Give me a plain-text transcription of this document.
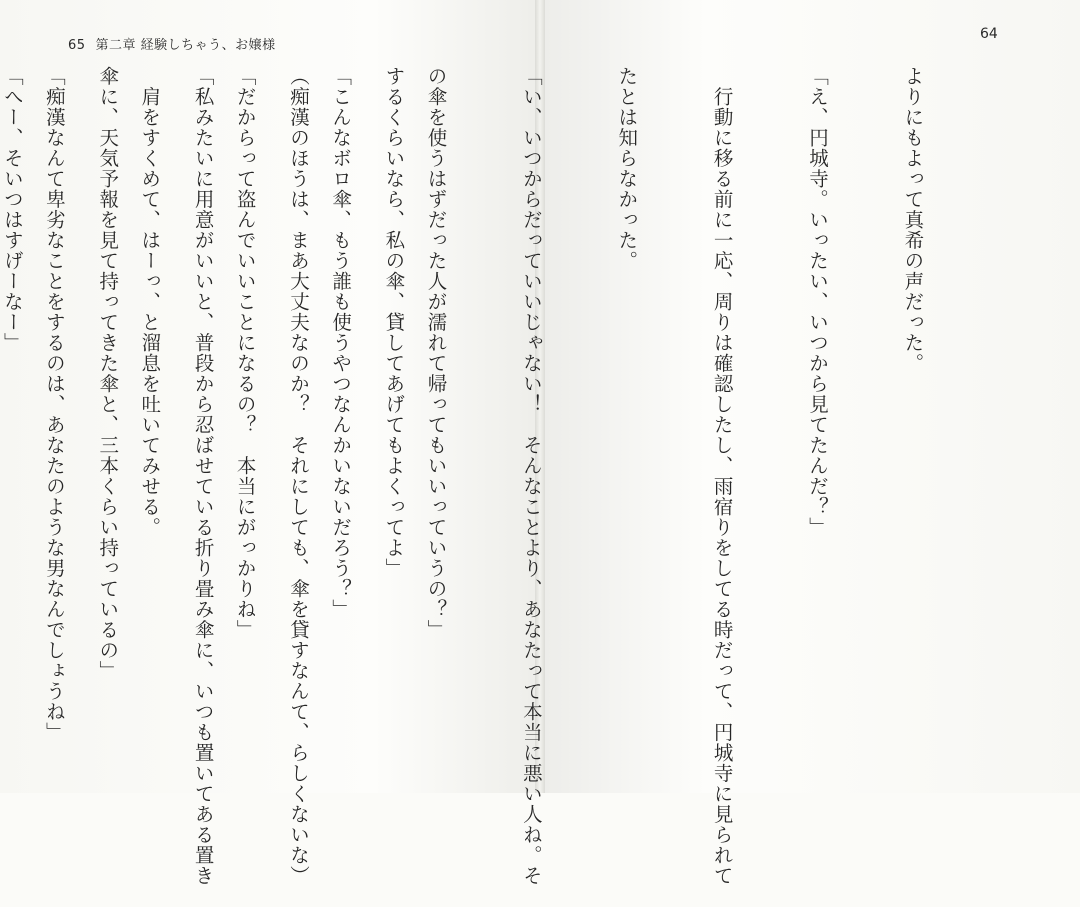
65 第二章 経験しちゃう、お嬢様

するくらいなら、私の傘、貸してあげてもよくってよ」

（痴漢のほうは、まあ大丈夫なのか？　それにしても、傘を貸すなんて、らしくないな）

「私みたいに用意がいいと、普段から忍ばせている折り畳み傘に、いつも置いてある置き

傘に、天気予報を見て持ってきた傘と、三本くらい持っているの」

「へー、そいつはすげーなー」

	よりにもよって真希の声だった。

「え、円城寺。いったい、いつから見てたんだ？」

　行動に移る前に一応、周りは確認したし、雨宿りをしてる時だって、円城寺に見られて

たとは知らなかった。

「い、いつからだっていいじゃない！　そんなことより、あなたって本当に悪い人ね。そ

の傘を使うはずだった人が濡れて帰ってもいいっていうの？」

「こんなボロ傘、もう誰も使うやつなんかいないだろう？」

「だからって盗んでいいことになるの？　本当にがっかりね」

　肩をすくめて、はーっ、と溜息を吐いてみせる。

「痴漢なんて卑劣なことをするのは、あなたのような男なんでしょうね」

64
